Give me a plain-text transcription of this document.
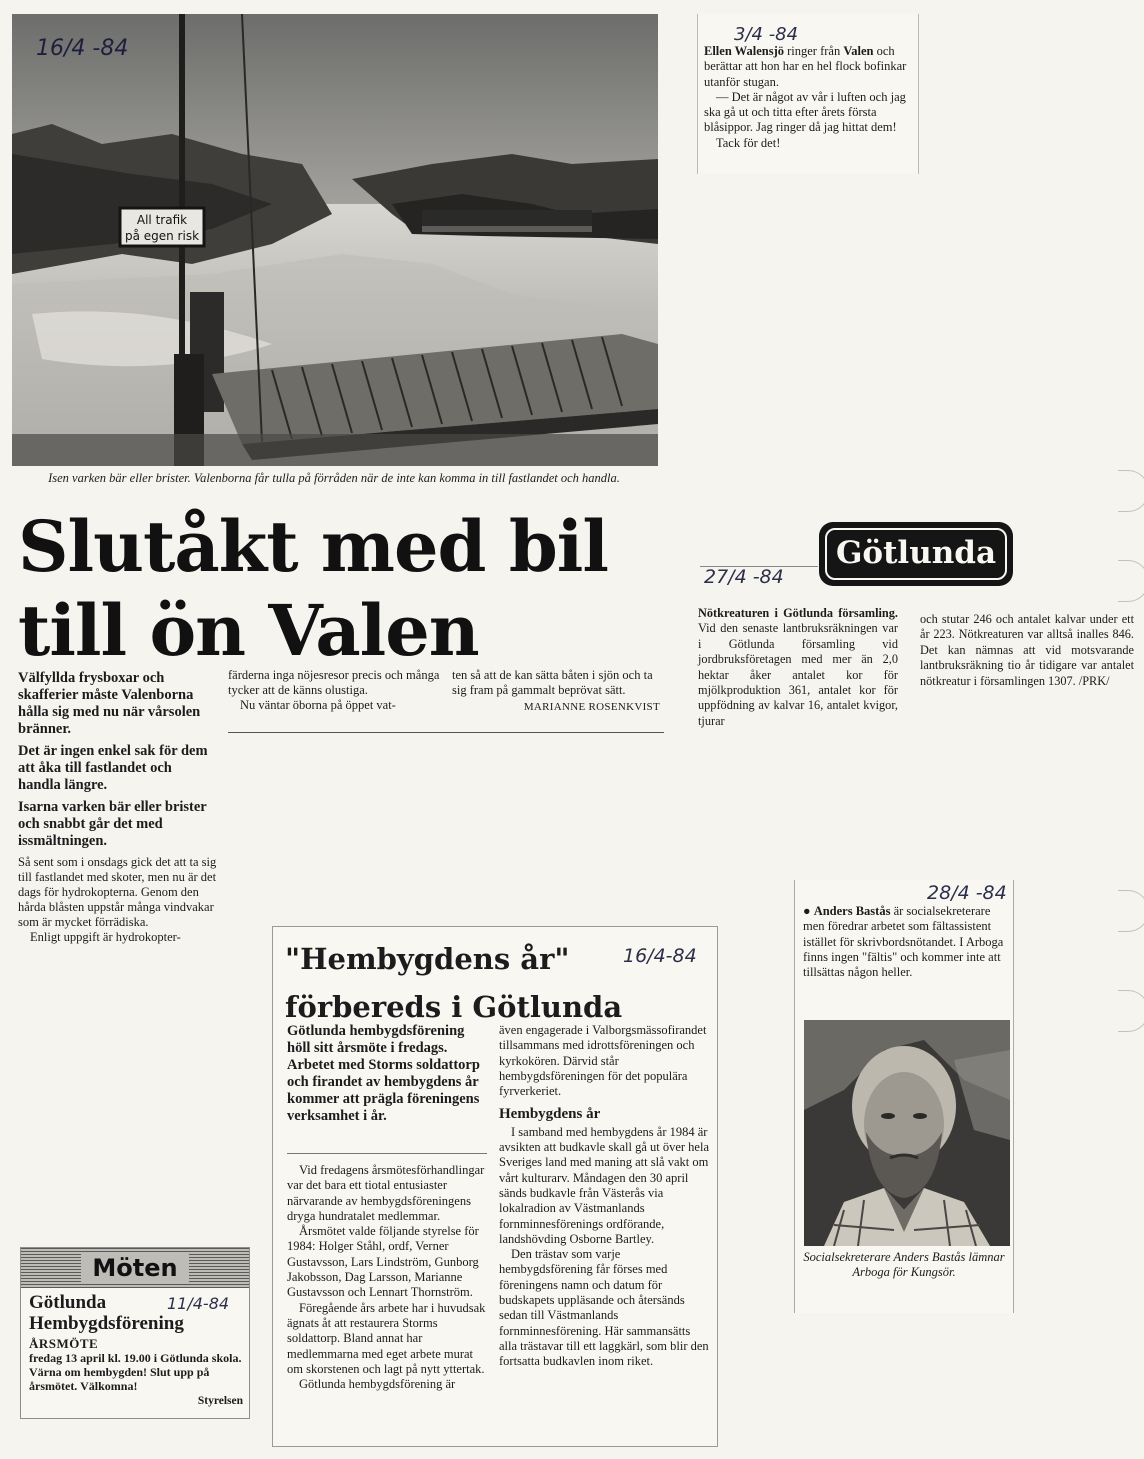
All trafik
på egen risk
16/4 -84
Isen varken bär eller brister. Valenborna får tulla på förråden när de inte kan komma in till fastlandet och handla.
Slutåkt med bil till ön Valen

Välfyllda frysboxar och skafferier måste Valenborna hålla sig med nu när vårsolen bränner.

Det är ingen enkel sak för dem att åka till fastlandet och handla längre.

Isarna varken bär eller brister och snabbt går det med issmältningen.

Så sent som i onsdags gick det att ta sig till fastlandet med skoter, men nu är det dags för hydrokopterna. Genom den hårda blåsten uppstår många vindvakar som är mycket förrädiska.

Enligt uppgift är hydrokopter-

färderna inga nöjesresor precis och många tycker att de känns olustiga.
Nu väntar öborna på öppet vat-
ten så att de kan sätta båten i sjön och ta sig fram på gammalt beprövat sätt.
MARIANNE ROSENKVIST
3/4 -84
Ellen Walensjö ringer från Valen och berättar att hon har en hel flock bofinkar utanför stugan.
— Det är något av vår i luften och jag ska gå ut och titta efter årets första blåsippor. Jag ringer då jag hittat dem!
Tack för det!
Götlunda
27/4 -84
Nötkreaturen i Götlunda församling. Vid den senaste lantbruksräkningen var i Götlunda församling vid jordbruksföretagen med mer än 2,0 hektar åker antalet kor för mjölkproduktion 361, antalet kor för uppfödning av kalvar 16, antalet kvigor, tjurar
och stutar 246 och antalet kalvar under ett år 223. Nötkreaturen var alltså inalles 846. Det kan nämnas att vid motsvarande lantbruksräkning tio år tidigare var antalet nötkreatur i församlingen 1307. /PRK/
"Hembygdens år"
förbereds i Götlunda
16/4-84
Götlunda hembygdsförening höll sitt årsmöte i fredags. Arbetet med Storms soldattorp och firandet av hembygdens år kommer att prägla föreningens verksamhet i år.

Vid fredagens årsmötesförhandlingar var det bara ett tiotal entusiaster närvarande av hembygdsföreningens dryga hundratalet medlemmar.

Årsmötet valde följande styrelse för 1984: Holger Ståhl, ordf, Verner Gustavsson, Lars Lindström, Gunborg Jakobsson, Dag Larsson, Marianne Gustavsson och Lennart Thornström.

Föregående års arbete har i huvudsak ägnats åt att restaurera Storms soldattorp. Bland annat har medlemmarna med eget arbete murat om skorstenen och lagt på nytt yttertak.

Götlunda hembygdsförening är

även engagerade i Valborgsmässofirandet tillsammans med idrottsföreningen och kyrkokören. Därvid står hembygdsföreningen för det populära fyrverkeriet.

Hembygdens år

I samband med hembygdens år 1984 är avsikten att budkavle skall gå ut över hela Sveriges land med maning att slå vakt om vårt kulturarv. Måndagen den 30 april sänds budkavle från Västerås via lokalradion av Västmanlands fornminnesförenings ordförande, landshövding Osborne Bartley.

Den trästav som varje hembygdsförening får förses med föreningens namn och datum för budskapets uppläsande och återsänds sedan till Västmanlands fornminnesförening. Här sammansätts alla trästavar till ett laggkärl, som blir den fortsatta budkavlen inom riket.

Möten
Götlunda Hembygdsförening
11/4-84
ÅRSMÖTE
fredag 13 april kl. 19.00 i Götlunda skola. Värna om hembygden! Slut upp på årsmötet. Välkomna!
Styrelsen
28/4 -84
● Anders Bastås är socialsekreterare men föredrar arbetet som fältassistent istället för skrivbordsnötandet. I Arboga finns ingen "fältis" och kommer inte att tillsättas någon heller.
Socialsekreterare Anders Bastås lämnar Arboga för Kungsör.
